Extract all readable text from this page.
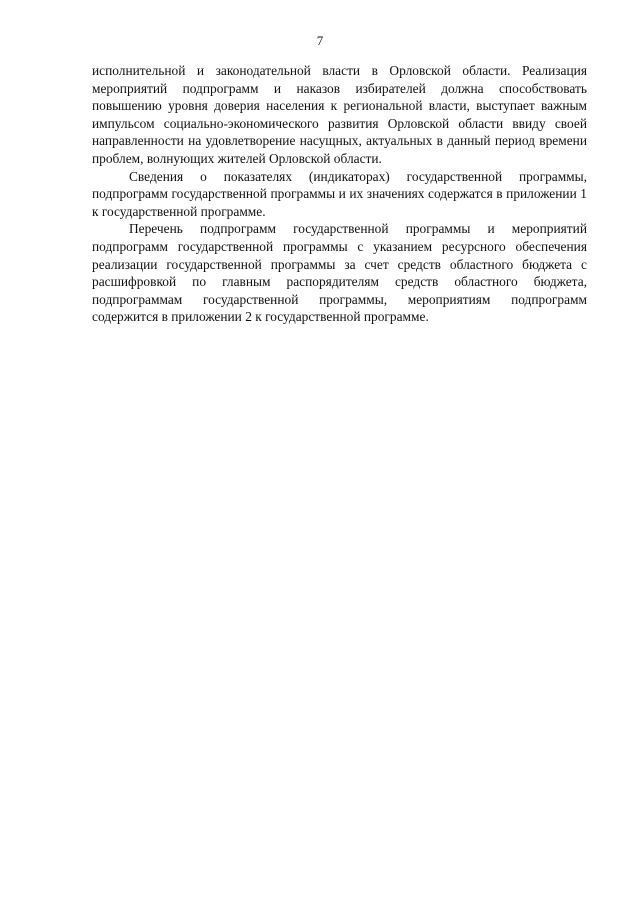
7

исполнительной и законодательной власти в Орловской области. Реализация мероприятий подпрограмм и наказов избирателей должна способствовать повышению уровня доверия населения к региональной власти, выступает важным импульсом социально-экономического развития Орловской области ввиду своей направленности на удовлетворение насущных, актуальных в данный период времени проблем, волнующих жителей Орловской области.

Сведения о показателях (индикаторах) государственной программы, подпрограмм государственной программы и их значениях содержатся в приложении 1 к государственной программе.

Перечень подпрограмм государственной программы и мероприятий подпрограмм государственной программы с указанием ресурсного обеспечения реализации государственной программы за счет средств областного бюджета с расшифровкой по главным распорядителям средств областного бюджета, подпрограммам государственной программы, мероприятиям подпрограмм содержится в приложении 2 к государственной программе.
